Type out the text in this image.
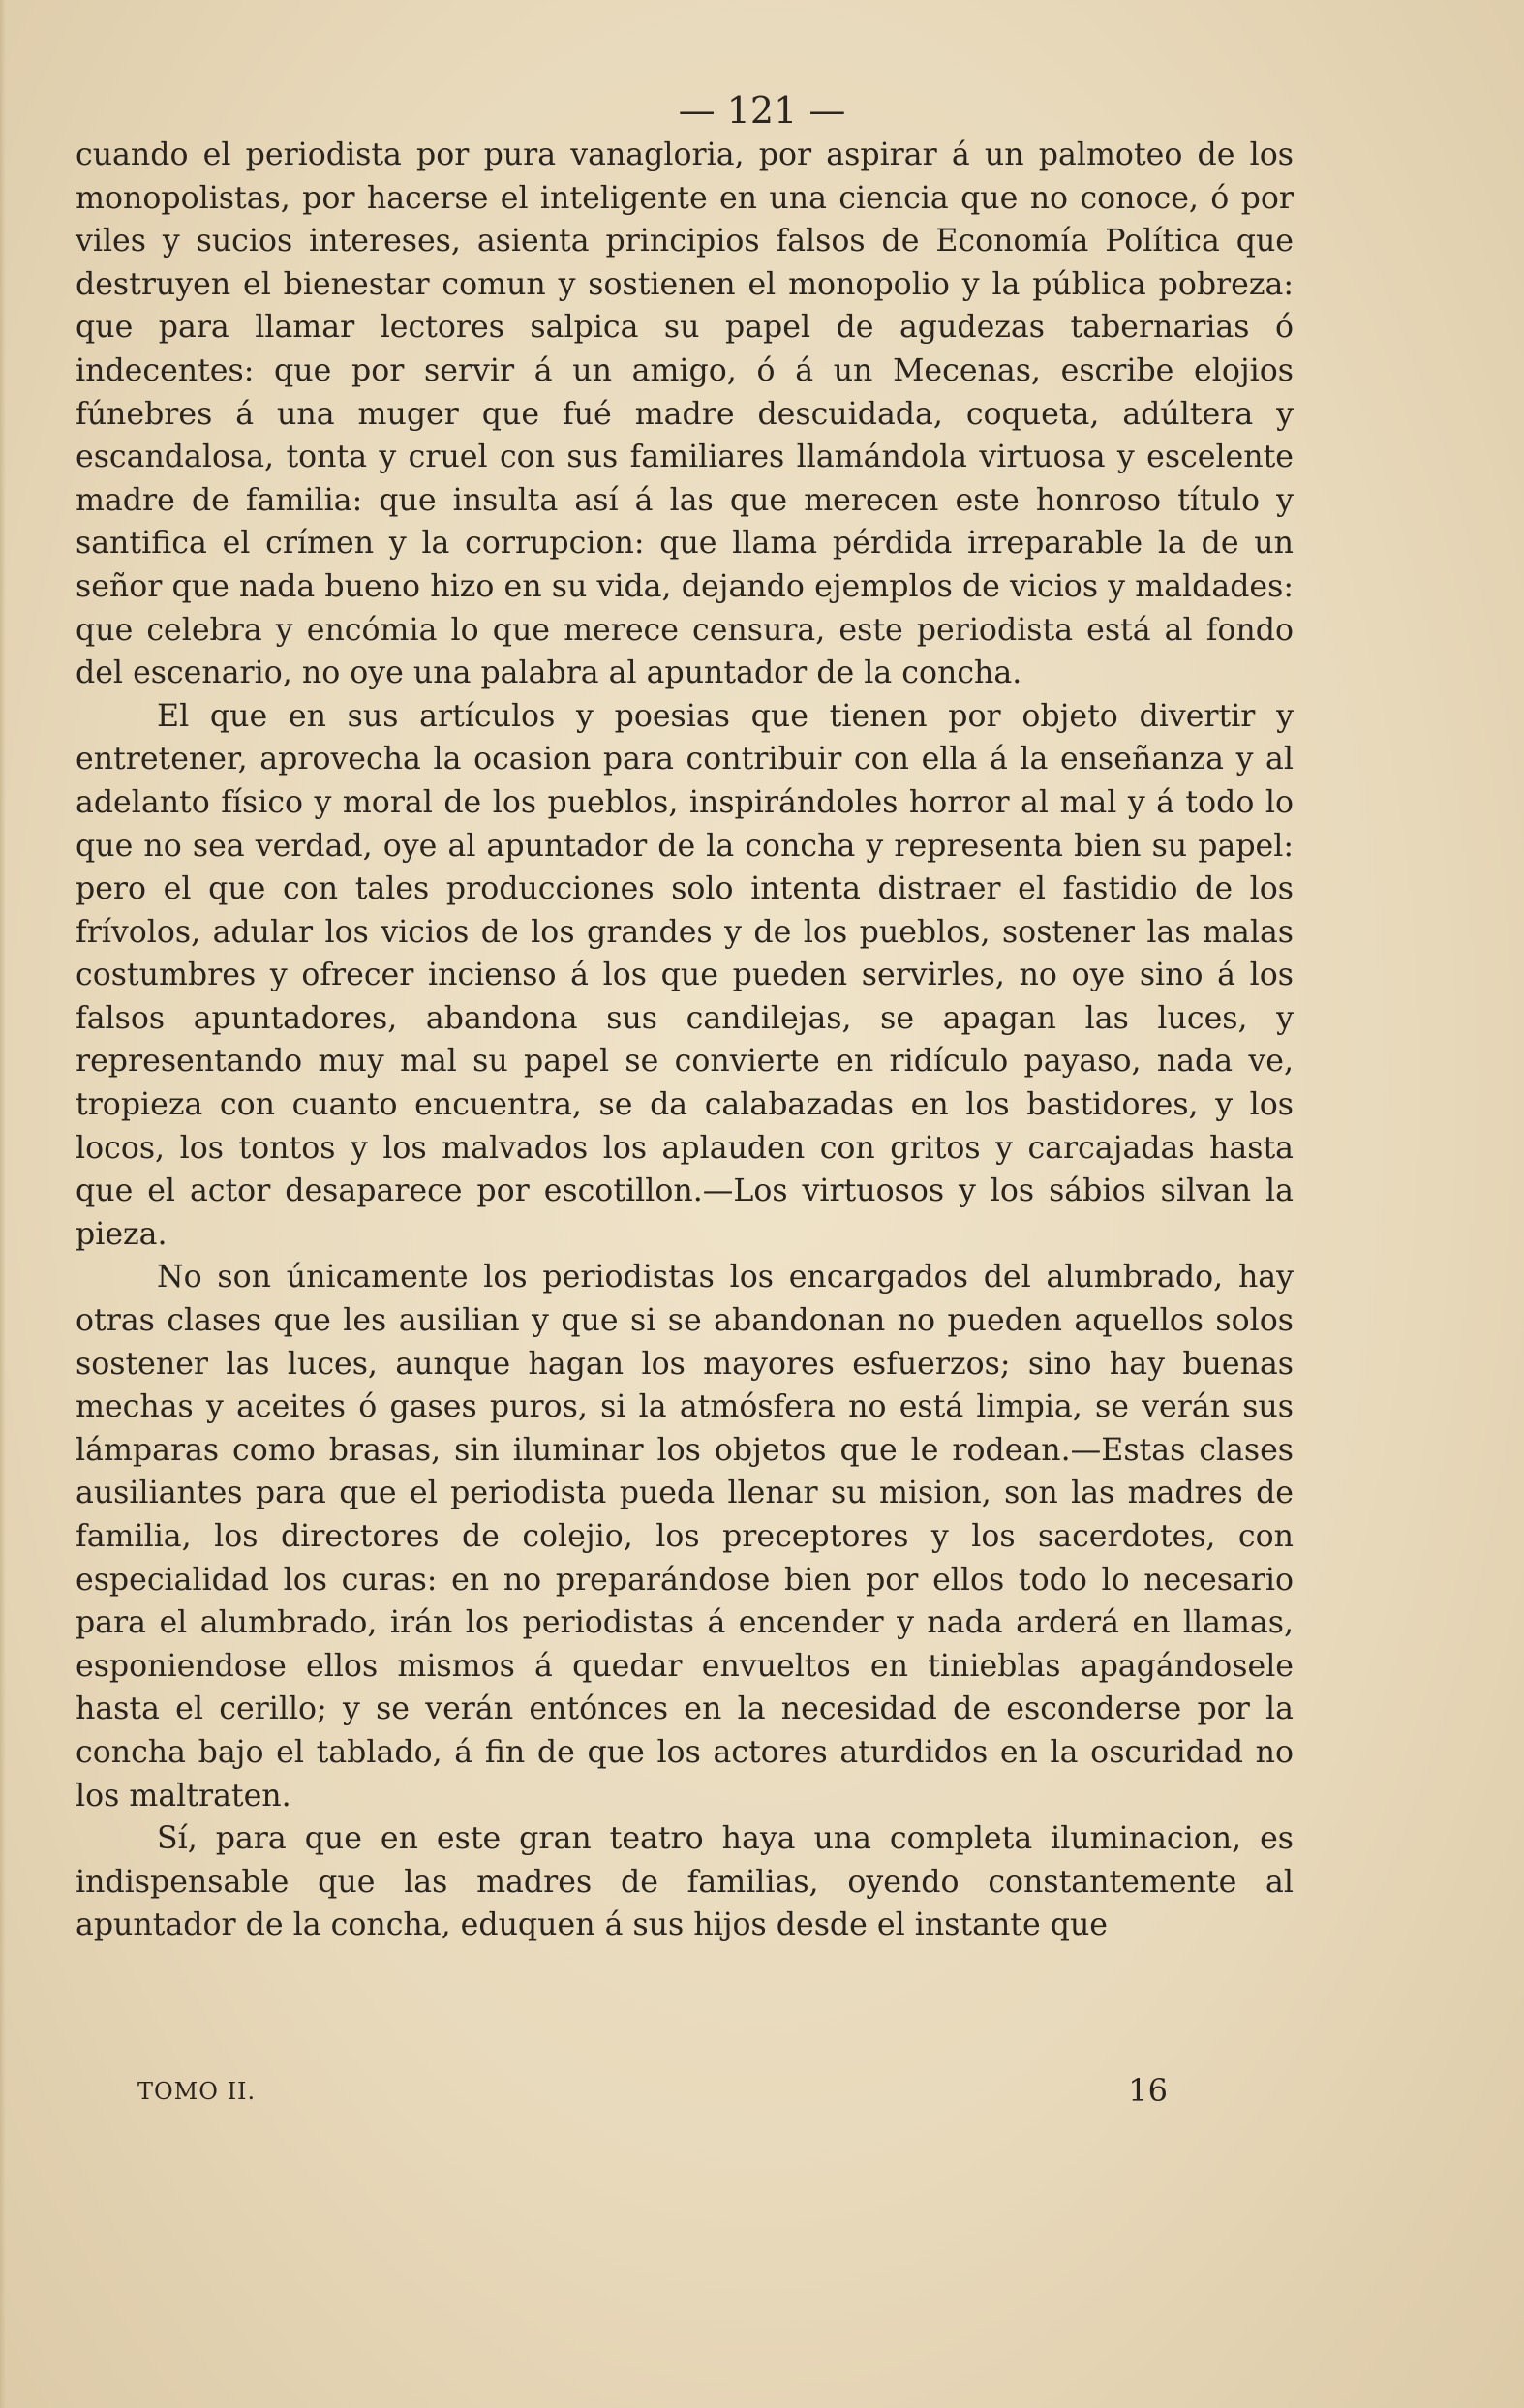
— 121 —

cuando el periodista por pura vanagloria, por aspirar á un palmoteo de los monopolistas, por hacerse el inteligente en una ciencia que no conoce, ó por viles y sucios intereses, asienta principios falsos de Economía Política que destruyen el bienestar comun y sostienen el monopolio y la pública pobreza: que para llamar lectores salpica su papel de agudezas tabernarias ó indecentes: que por servir á un amigo, ó á un Mecenas, escribe elojios fúnebres á una muger que fué madre descuidada, coqueta, adúltera y escandalosa, tonta y cruel con sus familiares llamándola virtuosa y escelente madre de familia: que insulta así á las que merecen este honroso título y santifica el crímen y la corrupcion: que llama pérdida irreparable la de un señor que nada bueno hizo en su vida, dejando ejemplos de vicios y maldades: que celebra y encómia lo que merece censura, este periodista está al fondo del escenario, no oye una palabra al apuntador de la concha.

El que en sus artículos y poesias que tienen por objeto divertir y entretener, aprovecha la ocasion para contribuir con ella á la enseñanza y al adelanto físico y moral de los pueblos, inspirándoles horror al mal y á todo lo que no sea verdad, oye al apuntador de la concha y representa bien su papel: pero el que con tales producciones solo intenta distraer el fastidio de los frívolos, adular los vicios de los grandes y de los pueblos, sostener las malas costumbres y ofrecer incienso á los que pueden servirles, no oye sino á los falsos apuntadores, abandona sus candilejas, se apagan las luces, y representando muy mal su papel se convierte en ridículo payaso, nada ve, tropieza con cuanto encuentra, se da calabazadas en los bastidores, y los locos, los tontos y los malvados los aplauden con gritos y carcajadas hasta que el actor desaparece por escotillon.—Los virtuosos y los sábios silvan la pieza.

No son únicamente los periodistas los encargados del alumbrado, hay otras clases que les ausilian y que si se abandonan no pueden aquellos solos sostener las luces, aunque hagan los mayores esfuerzos; sino hay buenas mechas y aceites ó gases puros, si la atmósfera no está limpia, se verán sus lámparas como brasas, sin iluminar los objetos que le rodean.—Estas clases ausiliantes para que el periodista pueda llenar su mision, son las madres de familia, los directores de colejio, los preceptores y los sacerdotes, con especialidad los curas: en no preparándose bien por ellos todo lo necesario para el alumbrado, irán los periodistas á encender y nada arderá en llamas, esponiendose ellos mismos á quedar envueltos en tinieblas apagándosele hasta el cerillo; y se verán entónces en la necesidad de esconderse por la concha bajo el tablado, á fin de que los actores aturdidos en la oscuridad no los maltraten.

Sí, para que en este gran teatro haya una completa iluminacion, es indispensable que las madres de familias, oyendo constantemente al apuntador de la concha, eduquen á sus hijos desde el instante que

TOMO II.	16
